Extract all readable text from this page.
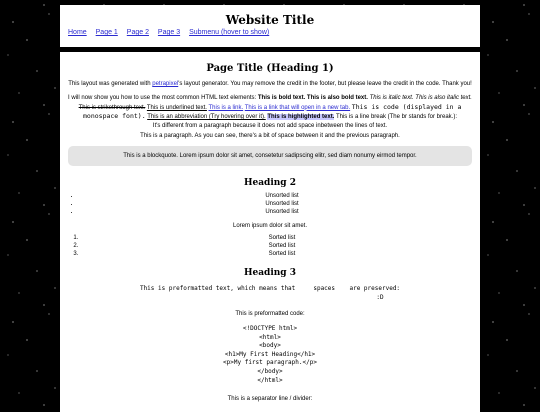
Website Title
Home Page 1 Page 2 Page 3 Submenu (hover to show)
Page Title (Heading 1)
This layout was generated with petrapixel's layout generator. You may remove the credit in the footer, but please leave the credit in the code. Thank you!
I will now show you how to use the most common HTML text elements: This is bold text. This is also bold text. This is italic text. This is also italic text. This is strikethrough text. This is underlined text. This is a link. This is a link that will open in a new tab. This is code (displayed in a monospace font). This is an abbreviation (Try hovering over it). This is highlighted text. This is a line break (The br stands for break.):
It's different from a paragraph because it does not add space inbetween the lines of text.
This is a paragraph. As you can see, there's a bit of space between it and the previous paragraph.
This is a blockquote. Lorem ipsum dolor sit amet, consetetur sadipscing elitr, sed diam nonumy eirmod tempor.
Heading 2
• Unsorted list
• Unsorted list
• Unsorted list
Lorem ipsum dolor sit amet.
1. Sorted list
2. Sorted list
3. Sorted list
Heading 3
This is preformatted text, which means that     spaces    are preserved:
:D
This is preformatted code:
<!DOCTYPE html>
<html>
<body>
<h1>My First Heading</h1>
<p>My first paragraph.</p>
</body>
</html>
This is a separator line / divider:
